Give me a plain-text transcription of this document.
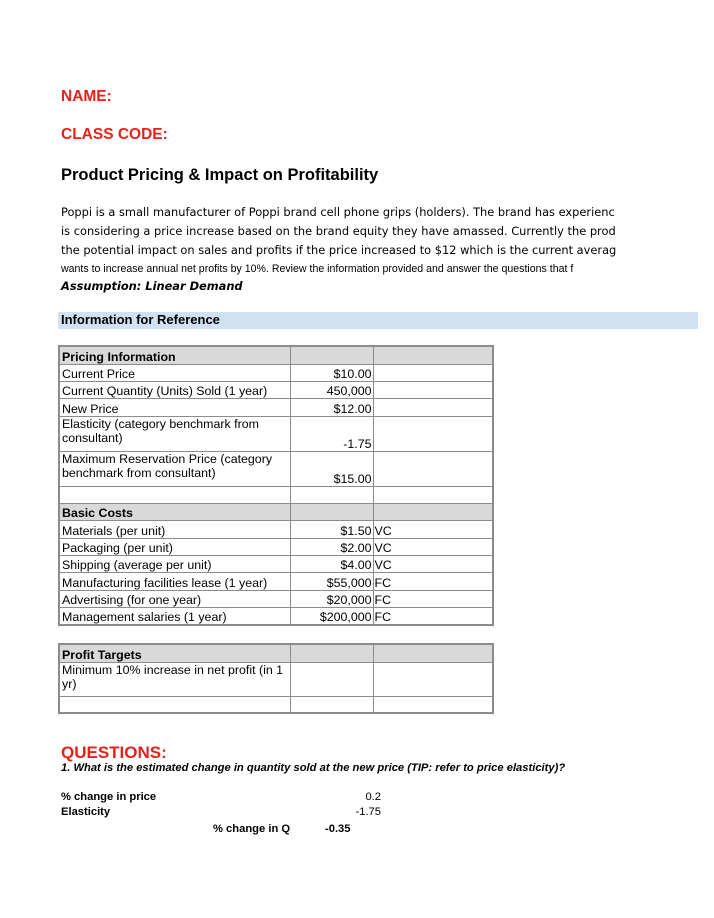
NAME:
CLASS CODE:
Product Pricing & Impact on Profitability
Poppi is a small manufacturer of Poppi brand cell phone grips (holders). The brand has experienc
is considering a price increase based on the brand equity they have amassed. Currently the prod
the potential impact on sales and profits if the price increased to $12 which is the current averag
wants to increase annual net profits by 10%. Review the information provided and answer the questions that f
Assumption: Linear Demand
Information for Reference
Pricing Information		
Current Price	$10.00	
Current Quantity (Units) Sold (1 year)	450,000	
New Price	$12.00	
Elasticity (category benchmark from consultant)	-1.75	
Maximum Reservation Price (category benchmark from consultant)	$15.00	

Basic Costs		
Materials (per unit)	$1.50	VC
Packaging (per unit)	$2.00	VC
Shipping (average per unit)	$4.00	VC
Manufacturing facilities lease (1 year)	$55,000	FC
Advertising (for one year)	$20,000	FC
Management salaries (1 year)	$200,000	FC
Profit Targets		
Minimum 10% increase in net profit (in 1 yr)		

QUESTIONS:
1. What is the estimated change in quantity sold at the new price (TIP: refer to price elasticity)?
% change in price	0.2
Elasticity	-1.75
% change in Q	-0.35
